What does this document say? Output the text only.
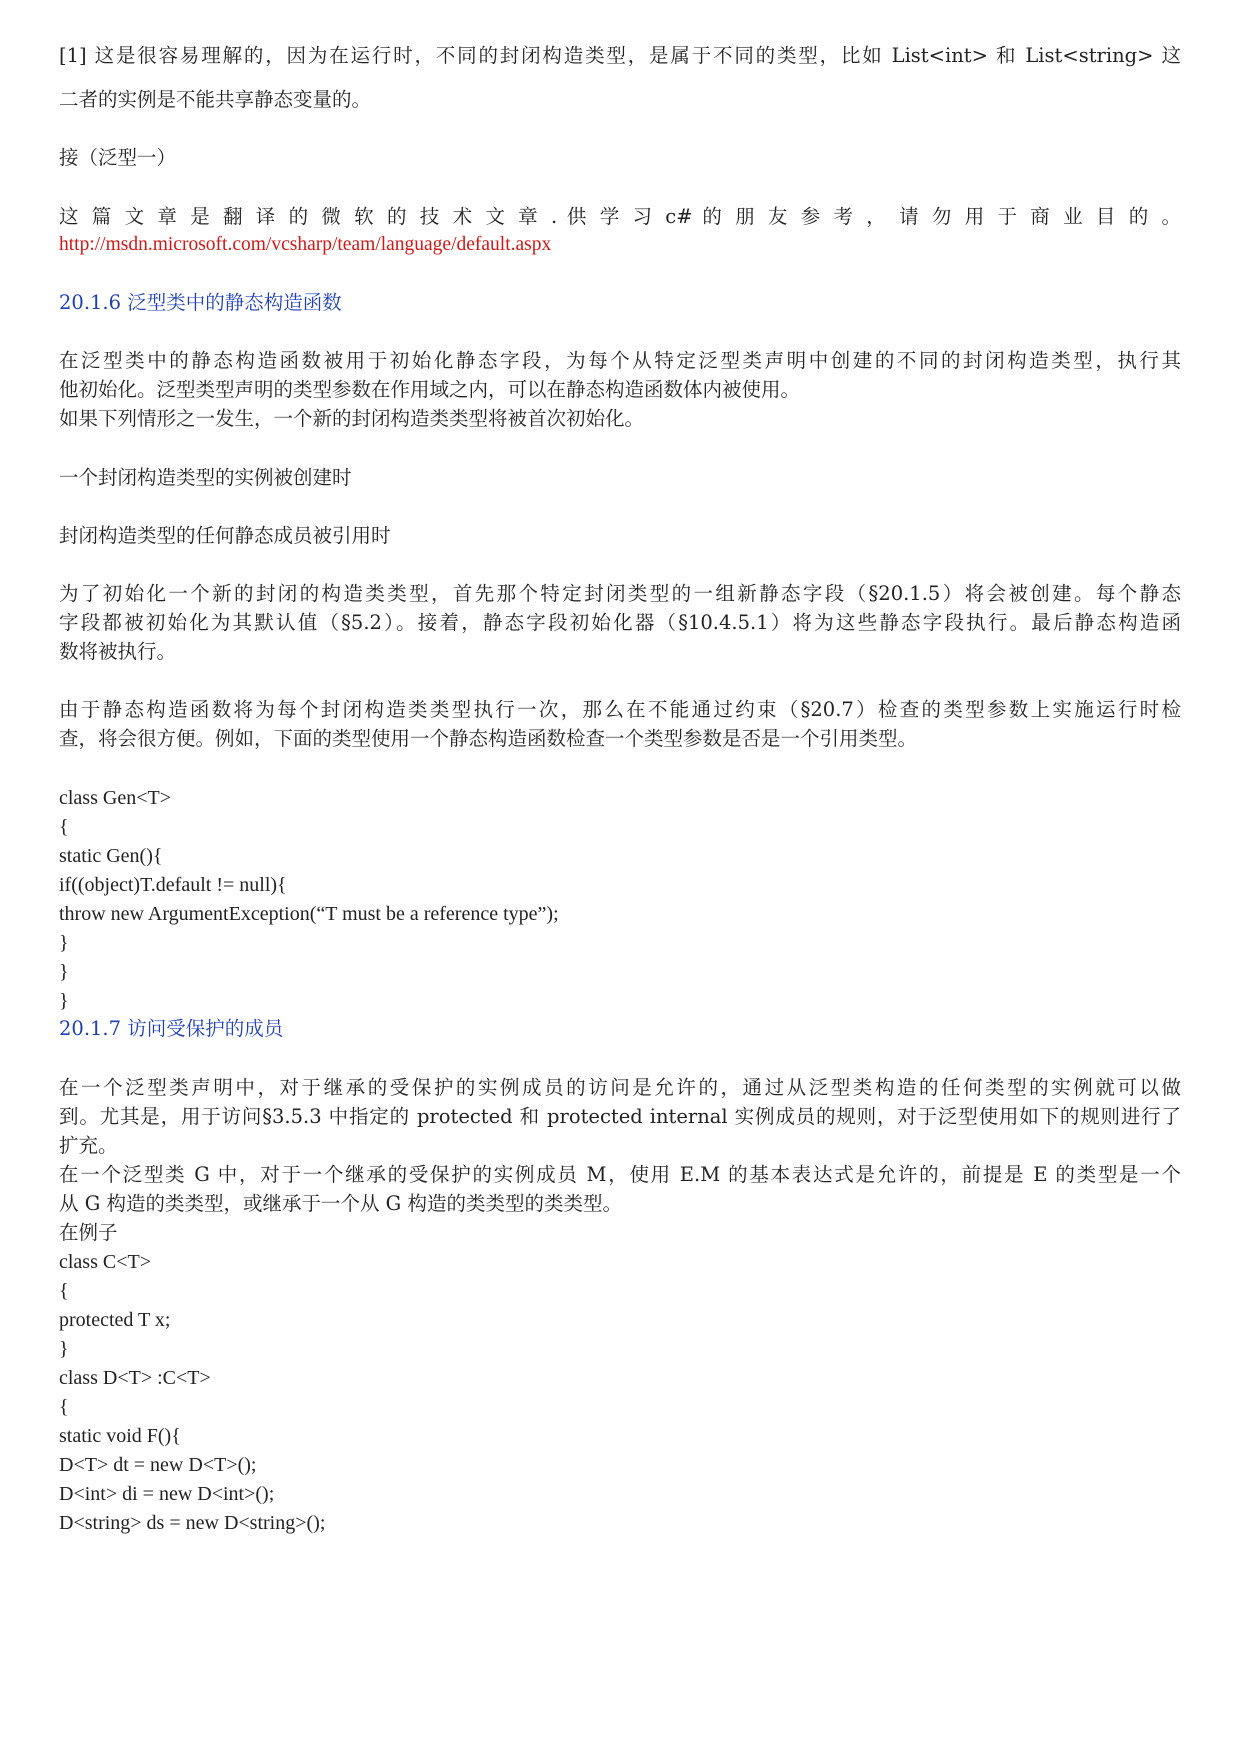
[1] 这是很容易理解的，因为在运行时，不同的封闭构造类型，是属于不同的类型，比如 List<int> 和 List<string> 这
二者的实例是不能共享静态变量的。
接（泛型一）
这 篇 文 章 是 翻 译 的 微 软 的 技 术 文 章 . 供 学 习 c# 的 朋 友 参 考 ， 请 勿 用 于 商 业 目 的 。
http://msdn.microsoft.com/vcsharp/team/language/default.aspx
20.1.6 泛型类中的静态构造函数
在泛型类中的静态构造函数被用于初始化静态字段，为每个从特定泛型类声明中创建的不同的封闭构造类型，执行其
他初始化。泛型类型声明的类型参数在作用域之内，可以在静态构造函数体内被使用。
如果下列情形之一发生，一个新的封闭构造类类型将被首次初始化。
一个封闭构造类型的实例被创建时
封闭构造类型的任何静态成员被引用时
为了初始化一个新的封闭的构造类类型，首先那个特定封闭类型的一组新静态字段（§20.1.5）将会被创建。每个静态
字段都被初始化为其默认值（§5.2）。接着，静态字段初始化器（§10.4.5.1）将为这些静态字段执行。最后静态构造函
数将被执行。
由于静态构造函数将为每个封闭构造类类型执行一次，那么在不能通过约束（§20.7）检查的类型参数上实施运行时检
查，将会很方便。例如，下面的类型使用一个静态构造函数检查一个类型参数是否是一个引用类型。
class Gen<T>
{
static Gen(){
if((object)T.default != null){
throw new ArgumentException(“T must be a reference type”);
}
}
}
20.1.7 访问受保护的成员
在一个泛型类声明中，对于继承的受保护的实例成员的访问是允许的，通过从泛型类构造的任何类型的实例就可以做
到。尤其是，用于访问§3.5.3 中指定的 protected 和 protected internal 实例成员的规则，对于泛型使用如下的规则进行了
扩充。
在一个泛型类 G 中，对于一个继承的受保护的实例成员 M，使用 E.M 的基本表达式是允许的，前提是 E 的类型是一个
从 G 构造的类类型，或继承于一个从 G 构造的类类型的类类型。
在例子
class C<T>
{
protected T x;
}
class D<T> :C<T>
{
static void F(){
D<T> dt = new D<T>();
D<int> di = new D<int>();
D<string> ds = new D<string>();
